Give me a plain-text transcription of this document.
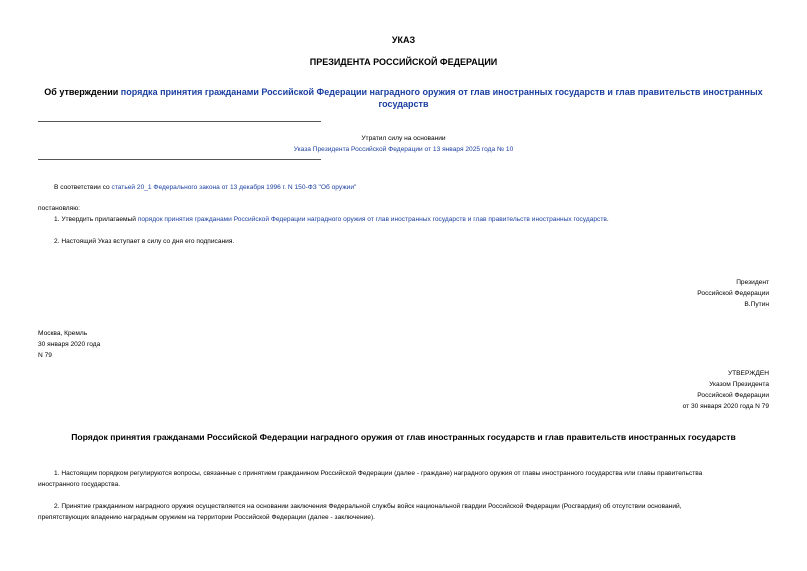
УКАЗ
ПРЕЗИДЕНТА РОССИЙСКОЙ ФЕДЕРАЦИИ
Об утверждении порядка принятия гражданами Российской Федерации наградного оружия от глав иностранных государств и глав правительств иностранных
государств
Утратил силу на основании
Указа Президента Российской Федерации от 13 января 2025 года № 10
В соответствии со статьей 20_1 Федерального закона от 13 декабря 1996 г. N 150-ФЗ "Об оружии"
постановляю:
1. Утвердить прилагаемый порядок принятия гражданами Российской Федерации наградного оружия от глав иностранных государств и глав правительств иностранных государств.
2. Настоящий Указ вступает в силу со дня его подписания.
Президент
Российской Федерации
В.Путин
Москва, Кремль
30 января 2020 года
N 79
УТВЕРЖДЕН
Указом Президента
Российской Федерации
от 30 января 2020 года N 79
Порядок принятия гражданами Российской Федерации наградного оружия от глав иностранных государств и глав правительств иностранных государств
1. Настоящим порядком регулируются вопросы, связанные с принятием гражданином Российской Федерации (далее - граждане) наградного оружия от главы иностранного государства или главы правительства
иностранного государства.
2. Принятие гражданином наградного оружия осуществляется на основании заключения Федеральной службы войск национальной гвардии Российской Федерации (Росгвардия) об отсутствии оснований,
препятствующих владению наградным оружием на территории Российской Федерации (далее - заключение).
